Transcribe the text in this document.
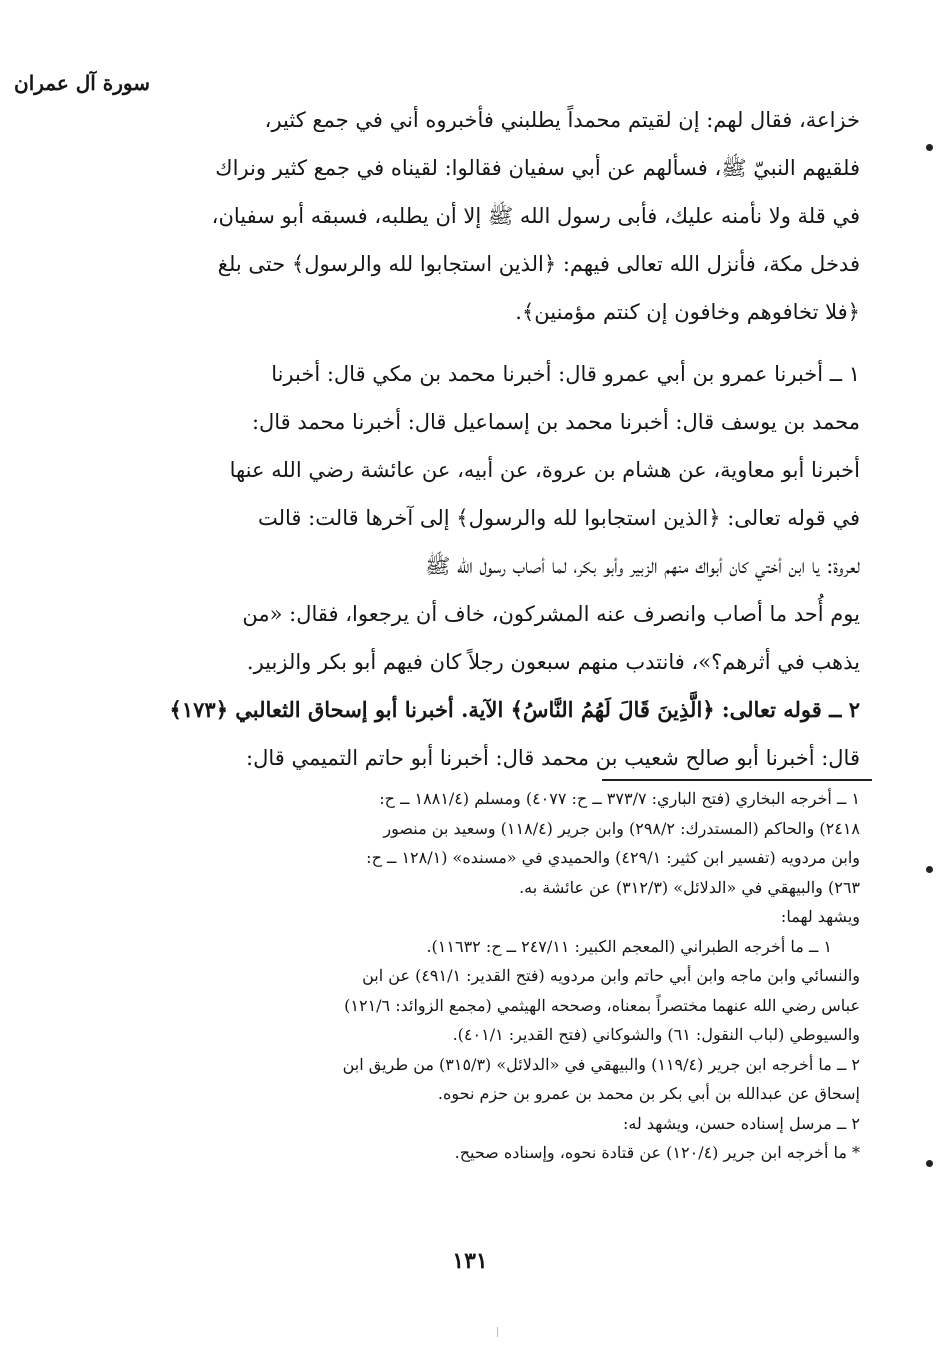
سورة آل عمران

خزاعة، فقال لهم: إن لقيتم محمداً يطلبني فأخبروه أني في جمع كثير،

فلقيهم النبيّ ﷺ، فسألهم عن أبي سفيان فقالوا: لقيناه في جمع كثير ونراك

في قلة ولا نأمنه عليك، فأبى رسول الله ﷺ إلا أن يطلبه، فسبقه أبو سفيان،

فدخل مكة، فأنزل الله تعالى فيهم: ﴿الذين استجابوا لله والرسول﴾ حتى بلغ

﴿فلا تخافوهم وخافون إن كنتم مؤمنين﴾.

١ ــ أخبرنا عمرو بن أبي عمرو قال: أخبرنا محمد بن مكي قال: أخبرنا

محمد بن يوسف قال: أخبرنا محمد بن إسماعيل قال: أخبرنا محمد قال:

أخبرنا أبو معاوية، عن هشام بن عروة، عن أبيه، عن عائشة رضي الله عنها

في قوله تعالى: ﴿الذين استجابوا لله والرسول﴾ إلى آخرها قالت: قالت

لعروة: يا ابن أختي كان أبواك منهم الزبير وأبو بكر، لما أصاب رسول الله ﷺ

يوم أُحد ما أصاب وانصرف عنه المشركون، خاف أن يرجعوا، فقال: «من

يذهب في أثرهم؟»، فانتدب منهم سبعون رجلاً كان فيهم أبو بكر والزبير.

٢ ــ قوله تعالى: ﴿الَّذِينَ قَالَ لَهُمُ النَّاسُ﴾ الآية. أخبرنا أبو إسحاق الثعالبي ﴿١٧٣﴾

قال: أخبرنا أبو صالح شعيب بن محمد قال: أخبرنا أبو حاتم التميمي قال:

١ ــ أخرجه البخاري (فتح الباري: ٣٧٣/٧ ــ ح: ٤٠٧٧) ومسلم (١٨٨١/٤ ــ ح:

٢٤١٨) والحاكم (المستدرك: ٢٩٨/٢) وابن جرير (١١٨/٤) وسعيد بن منصور

وابن مردويه (تفسير ابن كثير: ٤٢٩/١) والحميدي في «مسنده» (١٢٨/١ ــ ح:

٢٦٣) والبيهقي في «الدلائل» (٣١٢/٣) عن عائشة به.

ويشهد لهما:

١ ــ ما أخرجه الطبراني (المعجم الكبير: ٢٤٧/١١ ــ ح: ١١٦٣٢).

والنسائي وابن ماجه وابن أبي حاتم وابن مردويه (فتح القدير: ٤٩١/١) عن ابن

عباس رضي الله عنهما مختصراً بمعناه، وصححه الهيثمي (مجمع الزوائد: ١٢١/٦)

والسيوطي (لباب النقول: ٦١) والشوكاني (فتح القدير: ٤٠١/١).

٢ ــ ما أخرجه ابن جرير (١١٩/٤) والبيهقي في «الدلائل» (٣١٥/٣) من طريق ابن

إسحاق عن عبدالله بن أبي بكر بن محمد بن عمرو بن حزم نحوه.

٢ ــ مرسل إسناده حسن، ويشهد له:

* ما أخرجه ابن جرير (١٢٠/٤) عن قتادة نحوه، وإسناده صحيح.

١٣١
